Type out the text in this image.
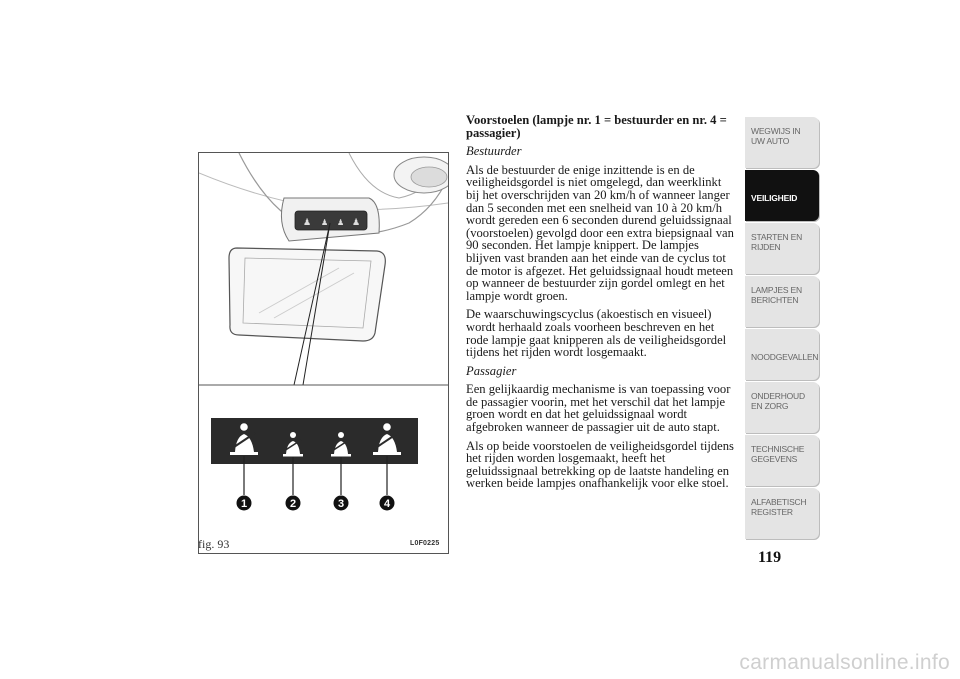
♟ ♟ ♟ ♟
1	2	3	4
fig. 93	L0F0225

Voorstoelen (lampje nr. 1 = bestuurder en nr. 4 = passagier)

Bestuurder

Als de bestuurder de enige inzittende is en de veiligheidsgordel is niet omgelegd, dan weerklinkt bij het overschrijden van 20 km/h of wanneer langer dan 5 seconden met een snelheid van 10 à 20 km/h wordt gereden een 6 seconden durend geluidssignaal (voorstoelen) gevolgd door een extra biepsignaal van 90 seconden. Het lampje knippert. De lampjes blijven vast branden aan het einde van de cyclus tot de motor is afgezet. Het geluidssignaal houdt meteen op wanneer de bestuurder zijn gordel omlegt en het lampje wordt groen.

De waarschuwingscyclus (akoestisch en visueel) wordt herhaald zoals voorheen beschreven en het rode lampje gaat knipperen als de veiligheidsgordel tijdens het rijden wordt losgemaakt.

Passagier

Een gelijkaardig mechanisme is van toepassing voor de passagier voorin, met het verschil dat het lampje groen wordt en dat het geluidssignaal wordt afgebroken wanneer de passagier uit de auto stapt.

Als op beide voorstoelen de veiligheidsgordel tijdens het rijden worden losgemaakt, heeft het geluidssignaal betrekking op de laatste handeling en werken beide lampjes onafhankelijk voor elke stoel.

WEGWIJS IN UW AUTO
VEILIGHEID
STARTEN EN RIJDEN
LAMPJES EN BERICHTEN
NOODGEVALLEN
ONDERHOUD EN ZORG
TECHNISCHE GEGEVENS
ALFABETISCH REGISTER
119
carmanualsonline.info
